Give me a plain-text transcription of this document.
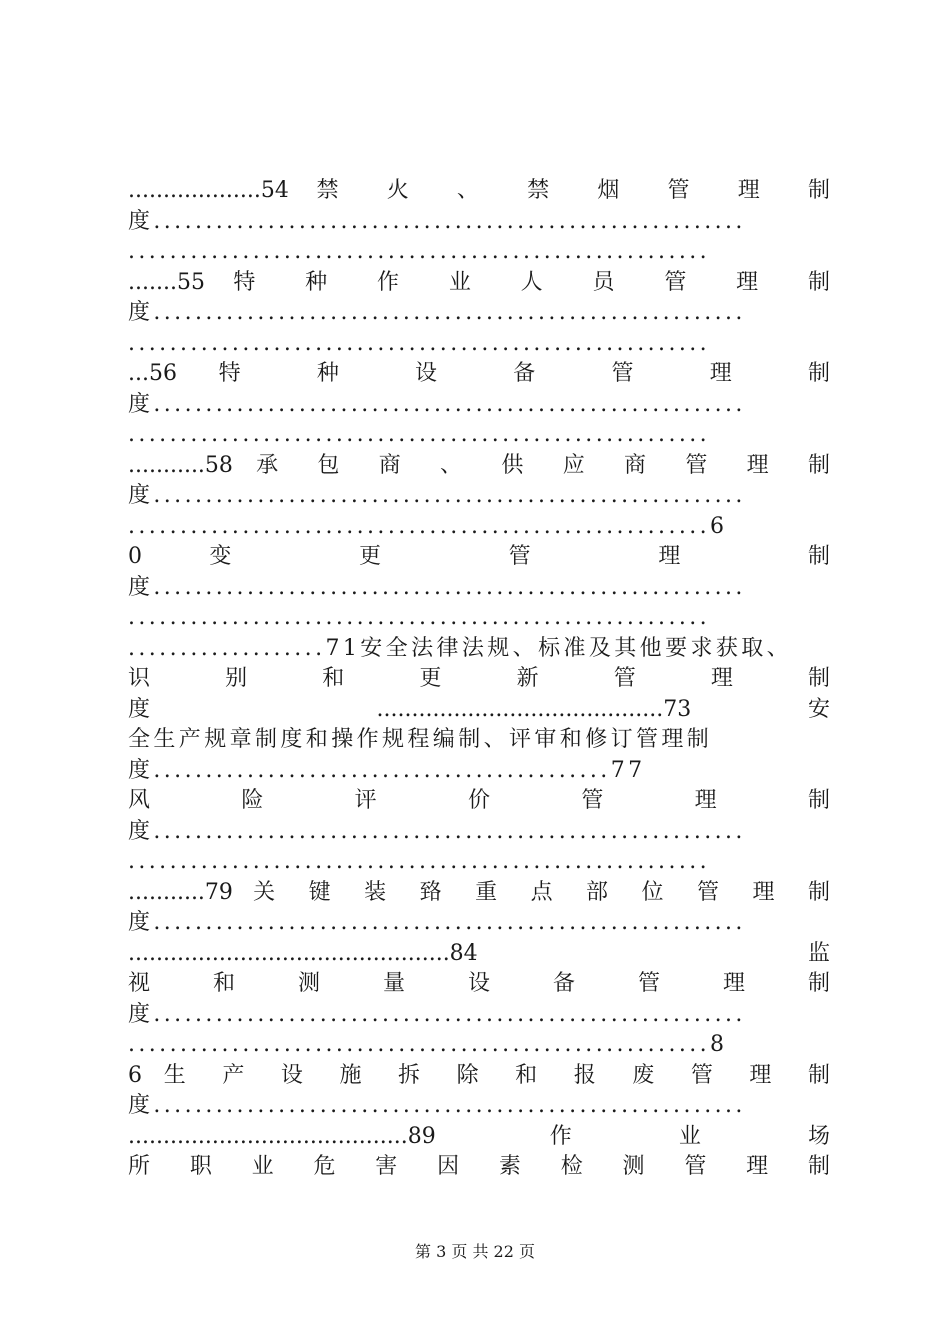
...................54 禁 火 、 禁 烟 管 理 制
度.........................................................
........................................................
.......55 特 种 作 业 人 员 管 理 制
度.........................................................
........................................................
...56 特 种 设 备 管 理 制
度.........................................................
........................................................
...........58 承 包 商 、 供 应 商 管 理 制
度.........................................................
........................................................6
0 变 更 管 理 制
度.........................................................
........................................................
...................71安全法律法规、标准及其他要求获取、
识 别 和 更 新 管 理 制
度 .........................................73 安
全生产规章制度和操作规程编制、评审和修订管理制
度............................................77
风 险 评 价 管 理 制
度.........................................................
........................................................
...........79 关 键 装 臵 重 点 部 位 管 理 制
度.........................................................
..............................................84 监
视 和 测 量 设 备 管 理 制
度.........................................................
........................................................8
6 生 产 设 施 拆 除 和 报 废 管 理 制
度.........................................................
........................................89 作业场
所 职 业 危 害 因 素 检 测 管 理 制
第 3 页 共 22 页
